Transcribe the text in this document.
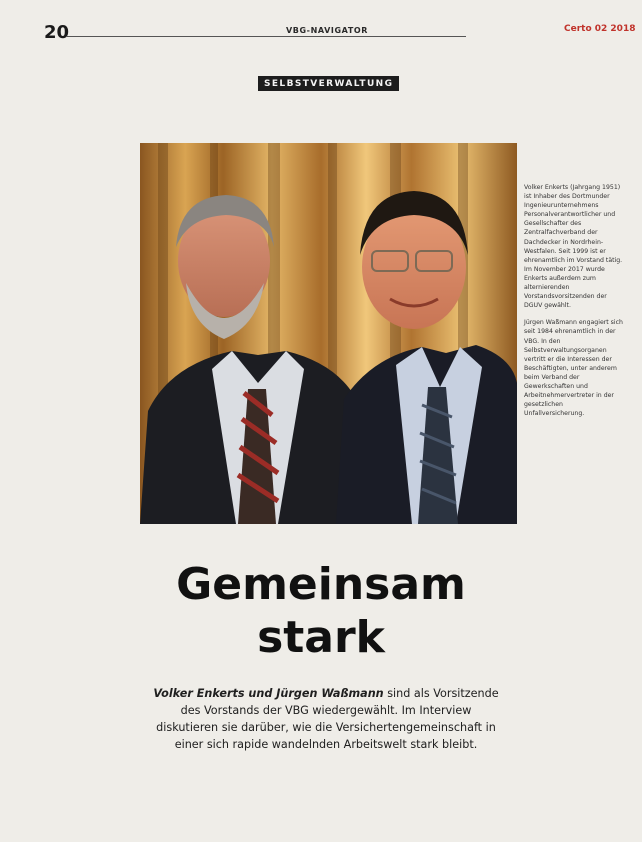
20	VBG-NAVIGATOR	Certo 02 2018
SELBSTVERWALTUNG

Volker Enkerts (Jahrgang 1951) ist Inhaber des Dortmunder Ingenieurunternehmens Personalverantwortlicher und Gesellschafter des Zentralfachverband der Dachdecker in Nordrhein-Westfalen. Seit 1999 ist er ehrenamtlich im Vorstand tätig. Im November 2017 wurde Enkerts außerdem zum alternierenden Vorstandsvorsitzenden der DGUV gewählt.

Jürgen Waßmann engagiert sich seit 1984 ehrenamtlich in der VBG. In den Selbstverwaltungsorganen vertritt er die Interessen der Beschäftigten, unter anderem beim Verband der Gewerkschaften und Arbeitnehmervertreter in der gesetzlichen Unfallversicherung.

Gemeinsam
stark
Volker Enkerts und Jürgen Waßmann sind als Vorsitzende des Vorstands der VBG wiedergewählt. Im Interview diskutieren sie darüber, wie die Versichertengemeinschaft in einer sich rapide wandelnden Arbeitswelt stark bleibt.
